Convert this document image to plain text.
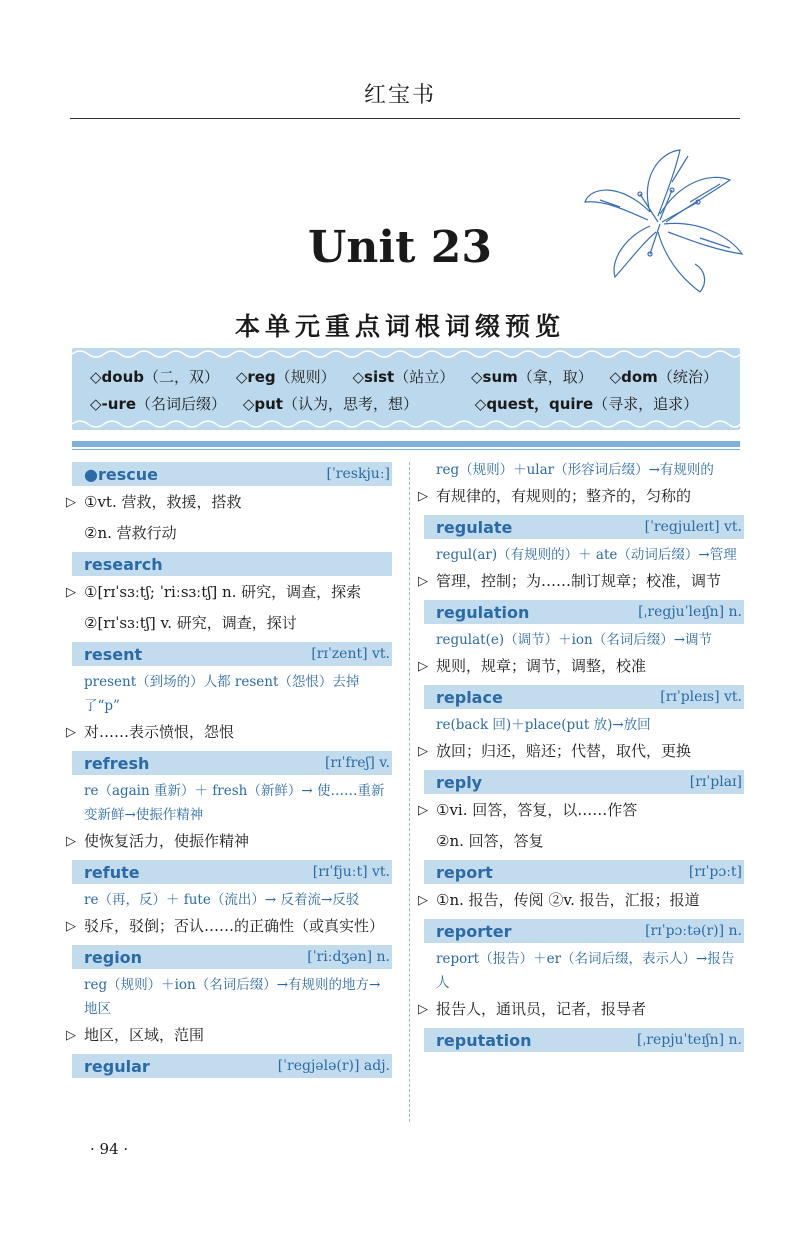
红宝书
Unit 23
本单元重点词根词缀预览
◇doub（二，双） ◇reg（规则） ◇sist（站立） ◇sum（拿，取） ◇dom（统治）
◇-ure（名词后缀） ◇put（认为，思考，想）	◇quest，quire（寻求，追求）
●rescue	[ˈreskjuː]
▷ ①vt. 营救，救援，搭救
②n. 营救行动
research
▷ ①[rɪˈsɜːtʃ; ˈriːsɜːtʃ] n. 研究，调查，探索
②[rɪˈsɜːtʃ] v. 研究，调查，探讨
resent	[rɪˈzent] vt.
present（到场的）人都 resent（怨恨）去掉了“p”
▷ 对……表示愤恨，怨恨
refresh	[rɪˈfreʃ] v.
re（again 重新）＋ fresh（新鲜）→ 使……重新变新鲜→使振作精神
▷ 使恢复活力，使振作精神
refute	[rɪˈfjuːt] vt.
re（再，反）＋ fute（流出）→ 反着流→反驳
▷ 驳斥，驳倒；否认……的正确性（或真实性）
region	[ˈriːdʒən] n.
reg（规则）＋ion（名词后缀）→有规则的地方→地区
▷ 地区，区域，范围
regular	[ˈregjələ(r)] adj.
reg（规则）＋ular（形容词后缀）→有规则的
▷ 有规律的，有规则的；整齐的，匀称的
regulate	[ˈregjuleɪt] vt.
regul(ar)（有规则的）＋ ate（动词后缀）→管理
▷ 管理，控制；为……制订规章；校准，调节
regulation	[ˌregjuˈleɪʃn] n.
regulat(e)（调节）＋ion（名词后缀）→调节
▷ 规则，规章；调节，调整，校准
replace	[rɪˈpleɪs] vt.
re(back 回)＋place(put 放)→放回
▷ 放回；归还，赔还；代替，取代，更换
reply	[rɪˈplaɪ]
▷ ①vi. 回答，答复，以……作答
②n. 回答，答复
report	[rɪˈpɔːt]
▷ ①n. 报告，传阅 ②v. 报告，汇报；报道
reporter	[rɪˈpɔːtə(r)] n.
report（报告）＋er（名词后缀，表示人）→报告人
▷ 报告人，通讯员，记者，报导者
reputation	[ˌrepjuˈteɪʃn] n.
· 94 ·
